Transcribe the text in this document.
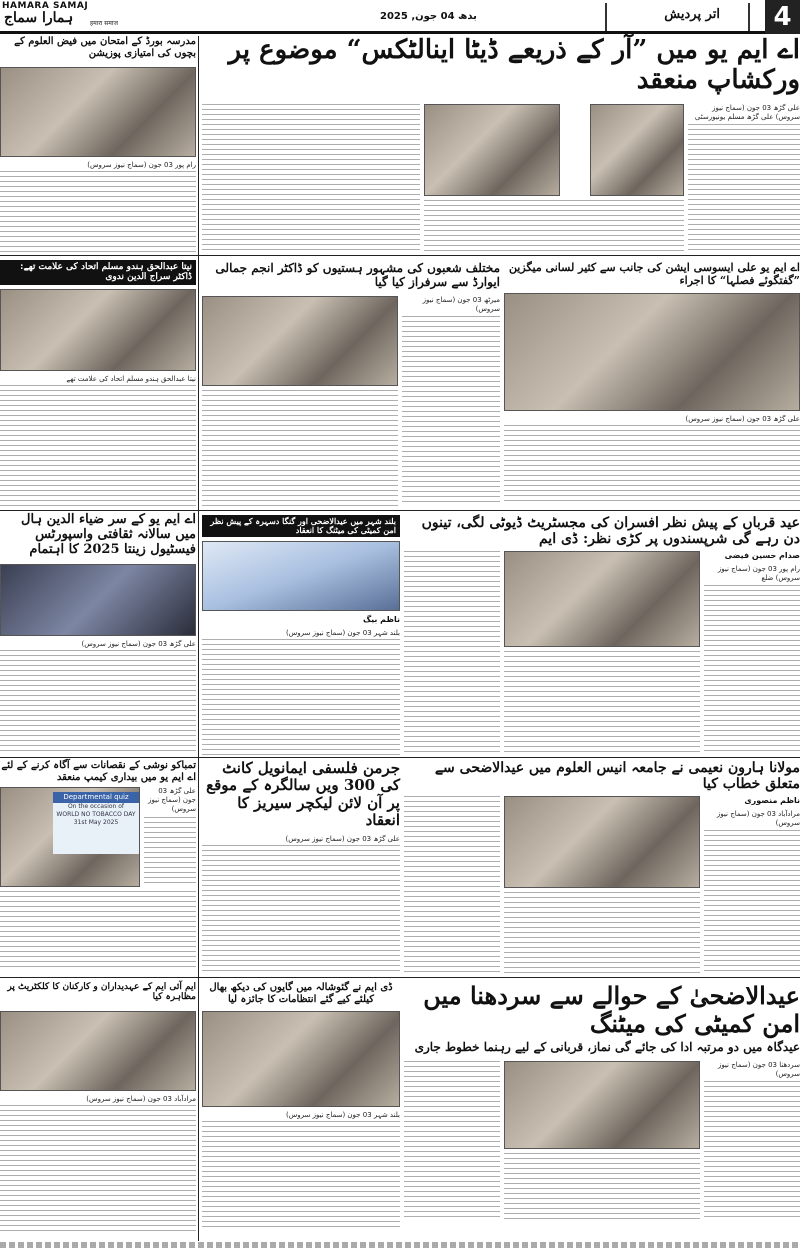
HAMARA SAMAJ
ہمارا سماج	हमारा समाज
بدھ 04 جون, 2025	اتر پردیش	4
مدرسہ بورڈ کے امتحان میں فیض العلوم کے بچوں کی امتیازی پوزیشن
رام پور 03 جون (سماج نیوز سروس)
اے ایم یو میں ”آر کے ذریعے ڈیٹا اینالٹکس“ موضوع پر ورکشاپ منعقد
علی گڑھ 03 جون (سماج نیوز سروس) علی گڑھ مسلم یونیورسٹی
نیتا عبدالحق ہندو مسلم اتحاد کی علامت تھے: ڈاکٹر سراج الدین ندوی
نیتا عبدالحق ہندو مسلم اتحاد کی علامت تھے
مختلف شعبوں کی مشہور ہستیوں کو ڈاکٹر انجم جمالی ایوارڈ سے سرفراز کیا گیا
میرٹھ 03 جون (سماج نیوز سروس)
اے ایم یو علی ایسوسی ایشن کی جانب سے کثیر لسانی میگزین ”گفتگوئے فصلہا“ کا اجراء
علی گڑھ 03 جون (سماج نیوز سروس)
اے ایم یو کے سر ضیاء الدین ہال میں سالانہ ثقافتی واسپورٹس فیسٹیول زینتا 2025 کا اہتمام
علی گڑھ 03 جون (سماج نیوز سروس)
بلند شہر میں عیدالاضحی اور گنگا دسہرہ کے پیش نظر امن کمیٹی کی میٹنگ کا انعقاد
ناظم بیگ
بلند شہر 03 جون (سماج نیوز سروس)
عید قرباں کے پیش نظر افسران کی مجسٹریٹ ڈیوٹی لگی، تینوں دن رہے گی شرپسندوں پر کڑی نظر: ڈی ایم
صدام حسین فیضی
رام پور 03 جون (سماج نیوز سروس) ضلع
تمباکو نوشی کے نقصانات سے آگاہ کرنے کے لئے اے ایم یو میں بیداری کیمپ منعقد
Departmental quiz
On the occasion of
WORLD NO TOBACCO DAY
31st May 2025
علی گڑھ 03 جون (سماج نیوز سروس)
جرمن فلسفی ایمانویل کانٹ کی 300 ویں سالگرہ کے موقع پر آن لائن لیکچر سیریز کا انعقاد
علی گڑھ 03 جون (سماج نیوز سروس)
مولانا ہارون نعیمی نے جامعہ انیس العلوم میں عیدالاضحی سے متعلق خطاب کیا
ناظم منصوری
مرادآباد 03 جون (سماج نیوز سروس)
ایم آئی ایم کے عہدیداران و کارکنان کا کلکٹریٹ پر مظاہرہ کیا
مرادآباد 03 جون (سماج نیوز سروس)
ڈی ایم نے گئوشالہ میں گایوں کی دیکھ بھال کیلئے کیے گئے انتظامات کا جائزہ لیا
بلند شہر 03 جون (سماج نیوز سروس)
عیدالاضحیٰ کے حوالے سے سردھنا میں امن کمیٹی کی میٹنگ
عیدگاہ میں دو مرتبہ ادا کی جائے گی نماز، قربانی کے لیے رہنما خطوط جاری
سردھنا 03 جون (سماج نیوز سروس)
